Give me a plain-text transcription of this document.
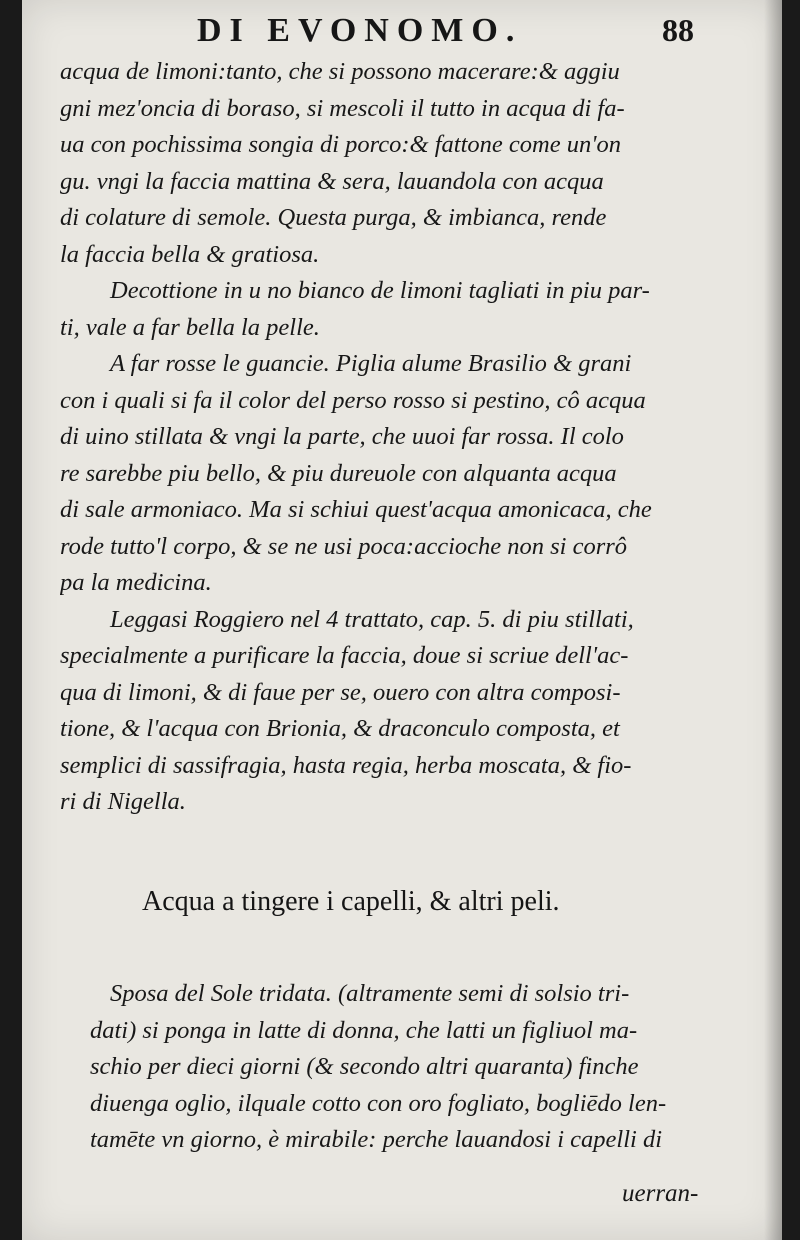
DI EVONOMO.	88
acqua de limoni:tanto, che si possono macerare:& aggiu
gni mez'oncia di boraso, si mescoli il tutto in acqua di fa-
ua con pochissima songia di porco:& fattone come un'on
gu. vngi la faccia mattina & sera, lauandola con acqua
di colature di semole. Questa purga, & imbianca, rende
la faccia bella & gratiosa.
Decottione in u no bianco de limoni tagliati in piu par-
ti, vale a far bella la pelle.
A far rosse le guancie. Piglia alume Brasilio & grani
con i quali si fa il color del perso rosso si pestino, cô acqua
di uino stillata & vngi la parte, che uuoi far rossa. Il colo
re sarebbe piu bello, & piu dureuole con alquanta acqua
di sale armoniaco. Ma si schiui quest'acqua amonicaca, che
rode tutto'l corpo, & se ne usi poca:accioche non si corrô
pa la medicina.
Leggasi Roggiero nel 4 trattato, cap. 5. di piu stillati,
specialmente a purificare la faccia, doue si scriue dell'ac-
qua di limoni, & di faue per se, ouero con altra composi-
tione, & l'acqua con Brionia, & draconculo composta, et
semplici di sassifragia, hasta regia, herba moscata, & fio-
ri di Nigella.
Acqua a tingere i capelli, & altri peli.
Sposa del Sole tridata. (altramente semi di solsio tri-
dati) si ponga in latte di donna, che latti un figliuol ma-
schio per dieci giorni (& secondo altri quaranta) finche
diuenga oglio, ilquale cotto con oro fogliato, bogliēdo len-
tamēte vn giorno, è mirabile: perche lauandosi i capelli di
uerran-
